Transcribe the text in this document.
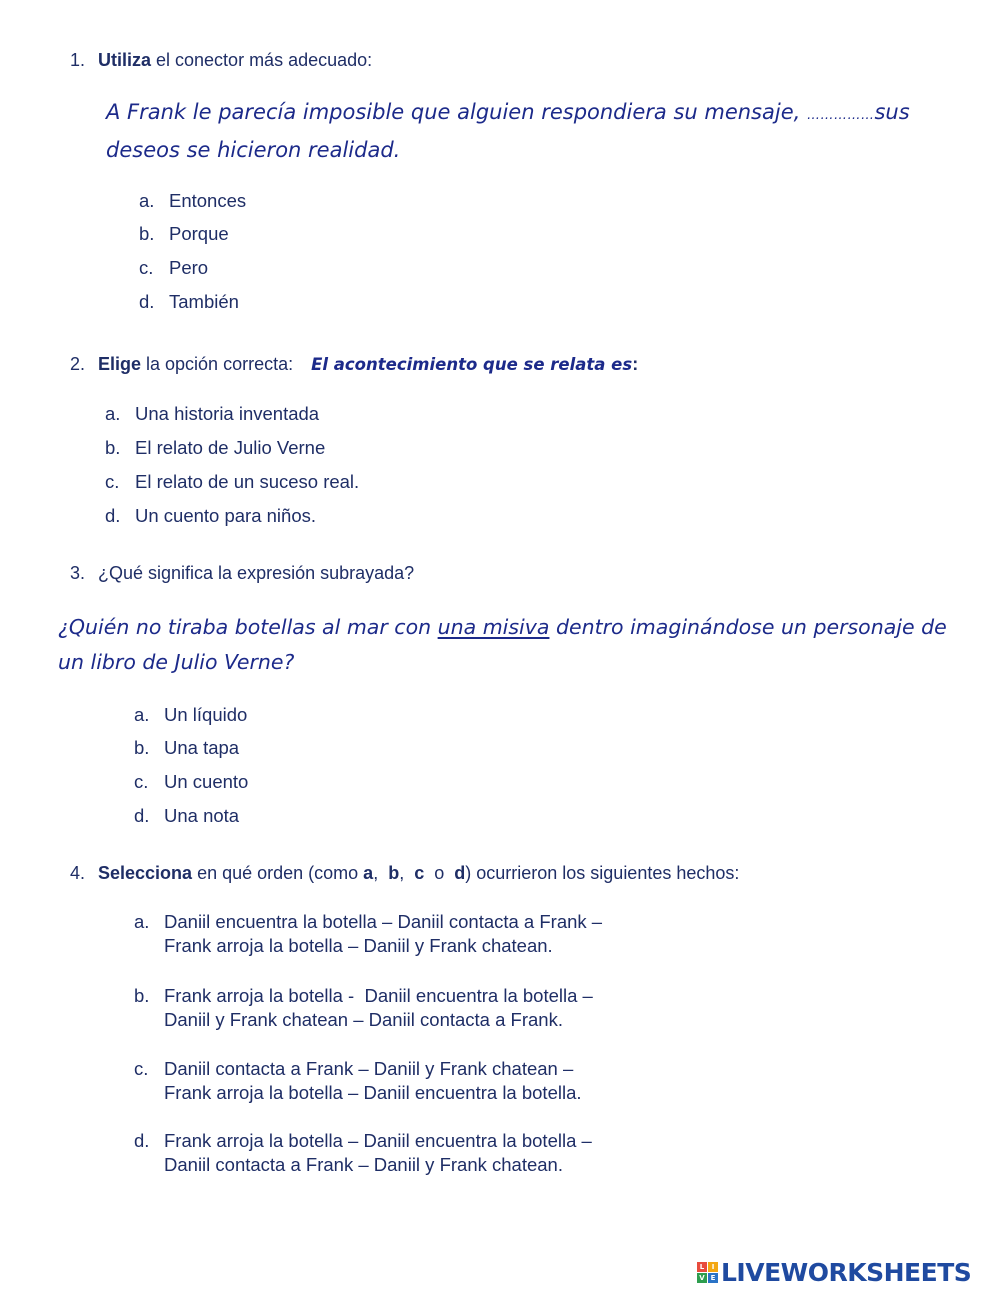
1. Utiliza el conector más adecuado:
A Frank le parecía imposible que alguien respondiera su mensaje, ……………sus
deseos se hicieron realidad.
a. Entonces
b. Porque
c. Pero
d. También
2. Elige la opción correcta: El acontecimiento que se relata es:
a. Una historia inventada
b. El relato de Julio Verne
c. El relato de un suceso real.
d. Un cuento para niños.
3. ¿Qué significa la expresión subrayada?
¿Quién no tiraba botellas al mar con una misiva dentro imaginándose un personaje de
un libro de Julio Verne?
a. Un líquido
b. Una tapa
c. Un cuento
d. Una nota
4. Selecciona en qué orden (como a,  b,  c  o  d) ocurrieron los siguientes hechos:
a. Daniil encuentra la botella – Daniil contacta a Frank –
Frank arroja la botella – Daniil y Frank chatean.
b. Frank arroja la botella -  Daniil encuentra la botella –
Daniil y Frank chatean – Daniil contacta a Frank.
c. Daniil contacta a Frank – Daniil y Frank chatean –
Frank arroja la botella – Daniil encuentra la botella.
d. Frank arroja la botella – Daniil encuentra la botella –
Daniil contacta a Frank – Daniil y Frank chatean.
L	I
V E LIVEWORKSHEETS
